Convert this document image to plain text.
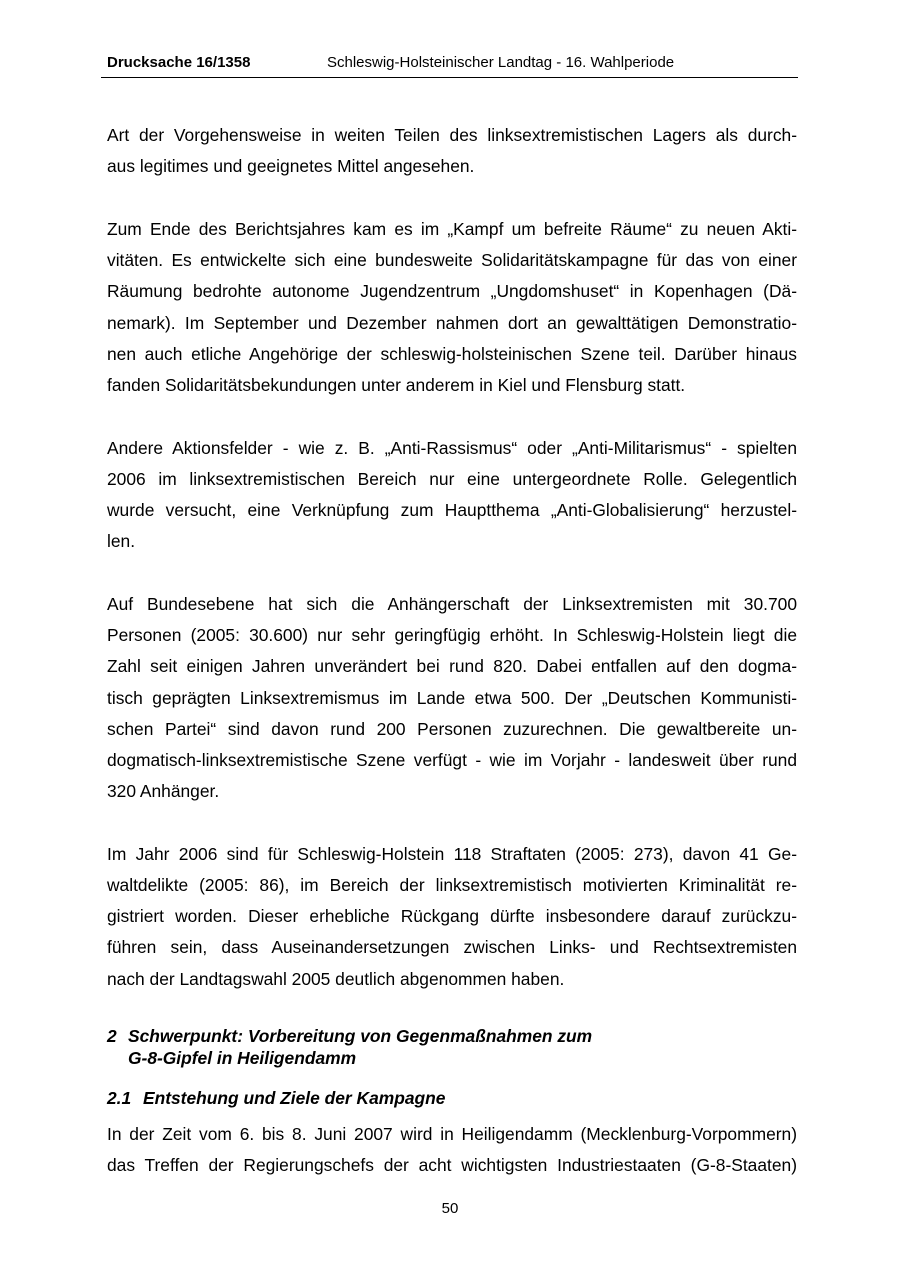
Drucksache 16/1358	Schleswig-Holsteinischer Landtag - 16. Wahlperiode

Art der Vorgehensweise in weiten Teilen des linksextremistischen Lagers als durch-
aus legitimes und geeignetes Mittel angesehen.

Zum Ende des Berichtsjahres kam es im „Kampf um befreite Räume“ zu neuen Akti-
vitäten. Es entwickelte sich eine bundesweite Solidaritätskampagne für das von einer
Räumung bedrohte autonome Jugendzentrum „Ungdomshuset“ in Kopenhagen (Dä-
nemark). Im September und Dezember nahmen dort an gewalttätigen Demonstratio-
nen auch etliche Angehörige der schleswig-holsteinischen Szene teil. Darüber hinaus
fanden Solidaritätsbekundungen unter anderem in Kiel und Flensburg statt.

Andere Aktionsfelder - wie z. B. „Anti-Rassismus“ oder „Anti-Militarismus“ - spielten
2006 im linksextremistischen Bereich nur eine untergeordnete Rolle. Gelegentlich
wurde versucht, eine Verknüpfung zum Hauptthema „Anti-Globalisierung“ herzustel-
len.

Auf Bundesebene hat sich die Anhängerschaft der Linksextremisten mit 30.700
Personen (2005: 30.600) nur sehr geringfügig erhöht. In Schleswig-Holstein liegt die
Zahl seit einigen Jahren unverändert bei rund 820. Dabei entfallen auf den dogma-
tisch geprägten Linksextremismus im Lande etwa 500. Der „Deutschen Kommunisti-
schen Partei“ sind davon rund 200 Personen zuzurechnen. Die gewaltbereite un-
dogmatisch-linksextremistische Szene verfügt - wie im Vorjahr - landesweit über rund
320 Anhänger.

Im Jahr 2006 sind für Schleswig-Holstein 118 Straftaten (2005: 273), davon 41 Ge-
waltdelikte (2005: 86), im Bereich der linksextremistisch motivierten Kriminalität re-
gistriert worden. Dieser erhebliche Rückgang dürfte insbesondere darauf zurückzu-
führen sein, dass Auseinandersetzungen zwischen Links- und Rechtsextremisten
nach der Landtagswahl 2005 deutlich abgenommen haben.

2 Schwerpunkt: Vorbereitung von Gegenmaßnahmen zum
G-8-Gipfel in Heiligendamm
2.1 Entstehung und Ziele der Kampagne

In der Zeit vom 6. bis 8. Juni 2007 wird in Heiligendamm (Mecklenburg-Vorpommern)
das Treffen der Regierungschefs der acht wichtigsten Industriestaaten (G-8-Staaten)

50
